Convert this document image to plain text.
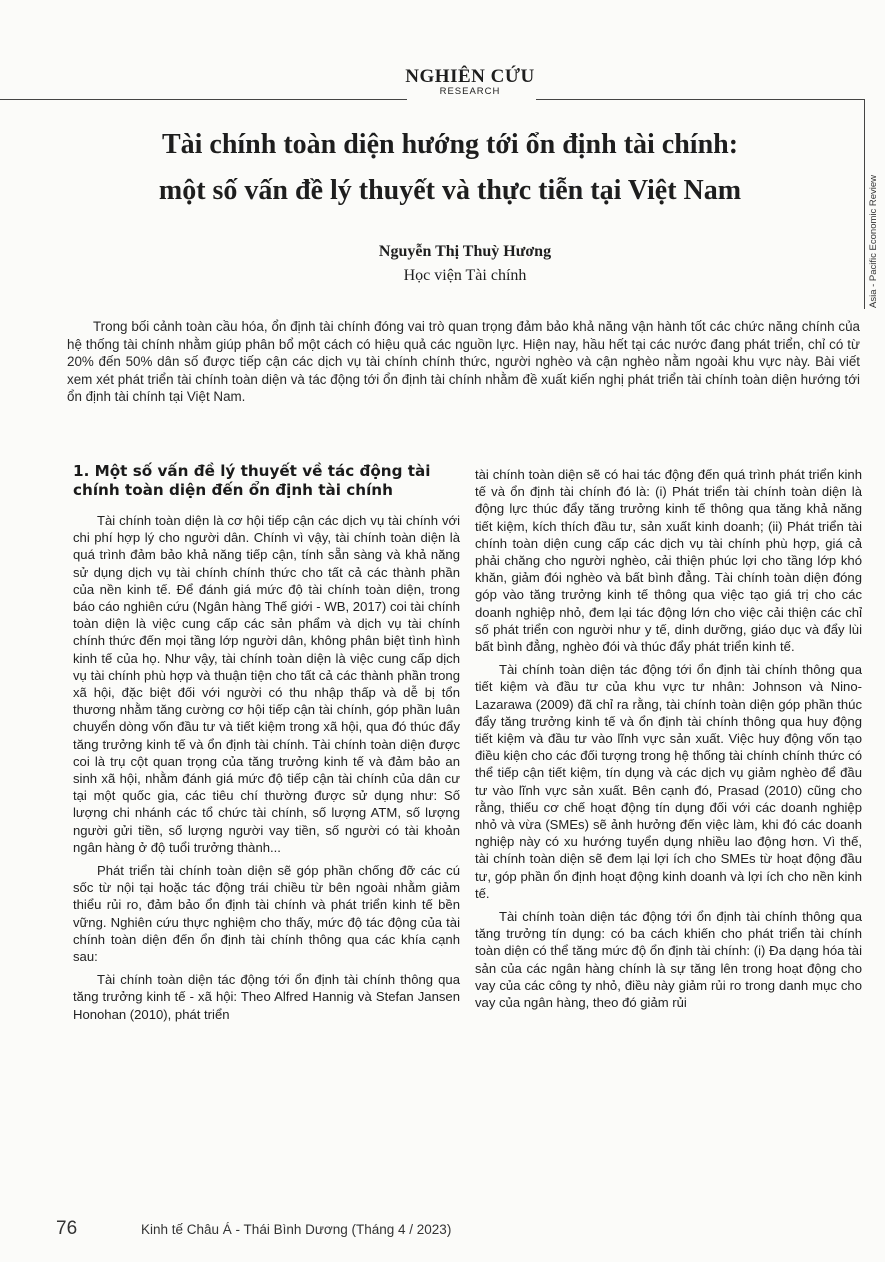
NGHIÊN CỨU
RESEARCH
Asia - Pacific Economic Review
Tài chính toàn diện hướng tới ổn định tài chính:
một số vấn đề lý thuyết và thực tiễn tại Việt Nam
Nguyễn Thị Thuỳ Hương
Học viện Tài chính
Trong bối cảnh toàn cầu hóa, ổn định tài chính đóng vai trò quan trọng đảm bảo khả năng vận hành tốt các chức năng chính của hệ thống tài chính nhằm giúp phân bổ một cách có hiệu quả các nguồn lực. Hiện nay, hầu hết tại các nước đang phát triển, chỉ có từ 20% đến 50% dân số được tiếp cận các dịch vụ tài chính chính thức, người nghèo và cận nghèo nằm ngoài khu vực này. Bài viết xem xét phát triển tài chính toàn diện và tác động tới ổn định tài chính nhằm đề xuất kiến nghị phát triển tài chính toàn diện hướng tới ổn định tài chính tại Việt Nam.
1. Một số vấn đề lý thuyết về tác động tài chính toàn diện đến ổn định tài chính

Tài chính toàn diện là cơ hội tiếp cận các dịch vụ tài chính với chi phí hợp lý cho người dân. Chính vì vậy, tài chính toàn diện là quá trình đảm bảo khả năng tiếp cận, tính sẵn sàng và khả năng sử dụng dịch vụ tài chính chính thức cho tất cả các thành phần của nền kinh tế. Để đánh giá mức độ tài chính toàn diện, trong báo cáo nghiên cứu (Ngân hàng Thế giới - WB, 2017) coi tài chính toàn diện là việc cung cấp các sản phẩm và dịch vụ tài chính chính thức đến mọi tầng lớp người dân, không phân biệt tình hình kinh tế của họ. Như vậy, tài chính toàn diện là việc cung cấp dịch vụ tài chính phù hợp và thuận tiện cho tất cả các thành phần trong xã hội, đặc biệt đối với người có thu nhập thấp và dễ bị tổn thương nhằm tăng cường cơ hội tiếp cận tài chính, góp phần luân chuyển dòng vốn đầu tư và tiết kiệm trong xã hội, qua đó thúc đẩy tăng trưởng kinh tế và ổn định tài chính. Tài chính toàn diện được coi là trụ cột quan trọng của tăng trưởng kinh tế và đảm bảo an sinh xã hội, nhằm đánh giá mức độ tiếp cận tài chính của dân cư tại một quốc gia, các tiêu chí thường được sử dụng như: Số lượng chi nhánh các tổ chức tài chính, số lượng ATM, số lượng người gửi tiền, số lượng người vay tiền, số người có tài khoản ngân hàng ở độ tuổi trưởng thành...

Phát triển tài chính toàn diện sẽ góp phần chống đỡ các cú sốc từ nội tại hoặc tác động trái chiều từ bên ngoài nhằm giảm thiểu rủi ro, đảm bảo ổn định tài chính và phát triển kinh tế bền vững. Nghiên cứu thực nghiệm cho thấy, mức độ tác động của tài chính toàn diện đến ổn định tài chính thông qua các khía cạnh sau:

Tài chính toàn diện tác động tới ổn định tài chính thông qua tăng trưởng kinh tế - xã hội: Theo Alfred Hannig và Stefan Jansen Honohan (2010), phát triển

tài chính toàn diện sẽ có hai tác động đến quá trình phát triển kinh tế và ổn định tài chính đó là: (i) Phát triển tài chính toàn diện là động lực thúc đẩy tăng trưởng kinh tế thông qua tăng khả năng tiết kiệm, kích thích đầu tư, sản xuất kinh doanh; (ii) Phát triển tài chính toàn diện cung cấp các dịch vụ tài chính phù hợp, giá cả phải chăng cho người nghèo, cải thiện phúc lợi cho tầng lớp khó khăn, giảm đói nghèo và bất bình đẳng. Tài chính toàn diện đóng góp vào tăng trưởng kinh tế thông qua việc tạo giá trị cho các doanh nghiệp nhỏ, đem lại tác động lớn cho việc cải thiện các chỉ số phát triển con người như y tế, dinh dưỡng, giáo dục và đẩy lùi bất bình đẳng, nghèo đói và thúc đẩy phát triển kinh tế.

Tài chính toàn diện tác động tới ổn định tài chính thông qua tiết kiệm và đầu tư của khu vực tư nhân: Johnson và Nino-Lazarawa (2009) đã chỉ ra rằng, tài chính toàn diện góp phần thúc đẩy tăng trưởng kinh tế và ổn định tài chính thông qua huy động tiết kiệm và đầu tư vào lĩnh vực sản xuất. Việc huy động vốn tạo điều kiện cho các đối tượng trong hệ thống tài chính chính thức có thể tiếp cận tiết kiệm, tín dụng và các dịch vụ giảm nghèo để đầu tư vào lĩnh vực sản xuất. Bên cạnh đó, Prasad (2010) cũng cho rằng, thiếu cơ chế hoạt động tín dụng đối với các doanh nghiệp nhỏ và vừa (SMEs) sẽ ảnh hưởng đến việc làm, khi đó các doanh nghiệp này có xu hướng tuyển dụng nhiều lao động hơn. Vì thế, tài chính toàn diện sẽ đem lại lợi ích cho SMEs từ hoạt động đầu tư, góp phần ổn định hoạt động kinh doanh và lợi ích cho nền kinh tế.

Tài chính toàn diện tác động tới ổn định tài chính thông qua tăng trưởng tín dụng: có ba cách khiến cho phát triển tài chính toàn diện có thể tăng mức độ ổn định tài chính: (i) Đa dạng hóa tài sản của các ngân hàng chính là sự tăng lên trong hoạt động cho vay của các công ty nhỏ, điều này giảm rủi ro trong danh mục cho vay của ngân hàng, theo đó giảm rủi

76	Kinh tế Châu Á - Thái Bình Dương (Tháng 4 / 2023)
